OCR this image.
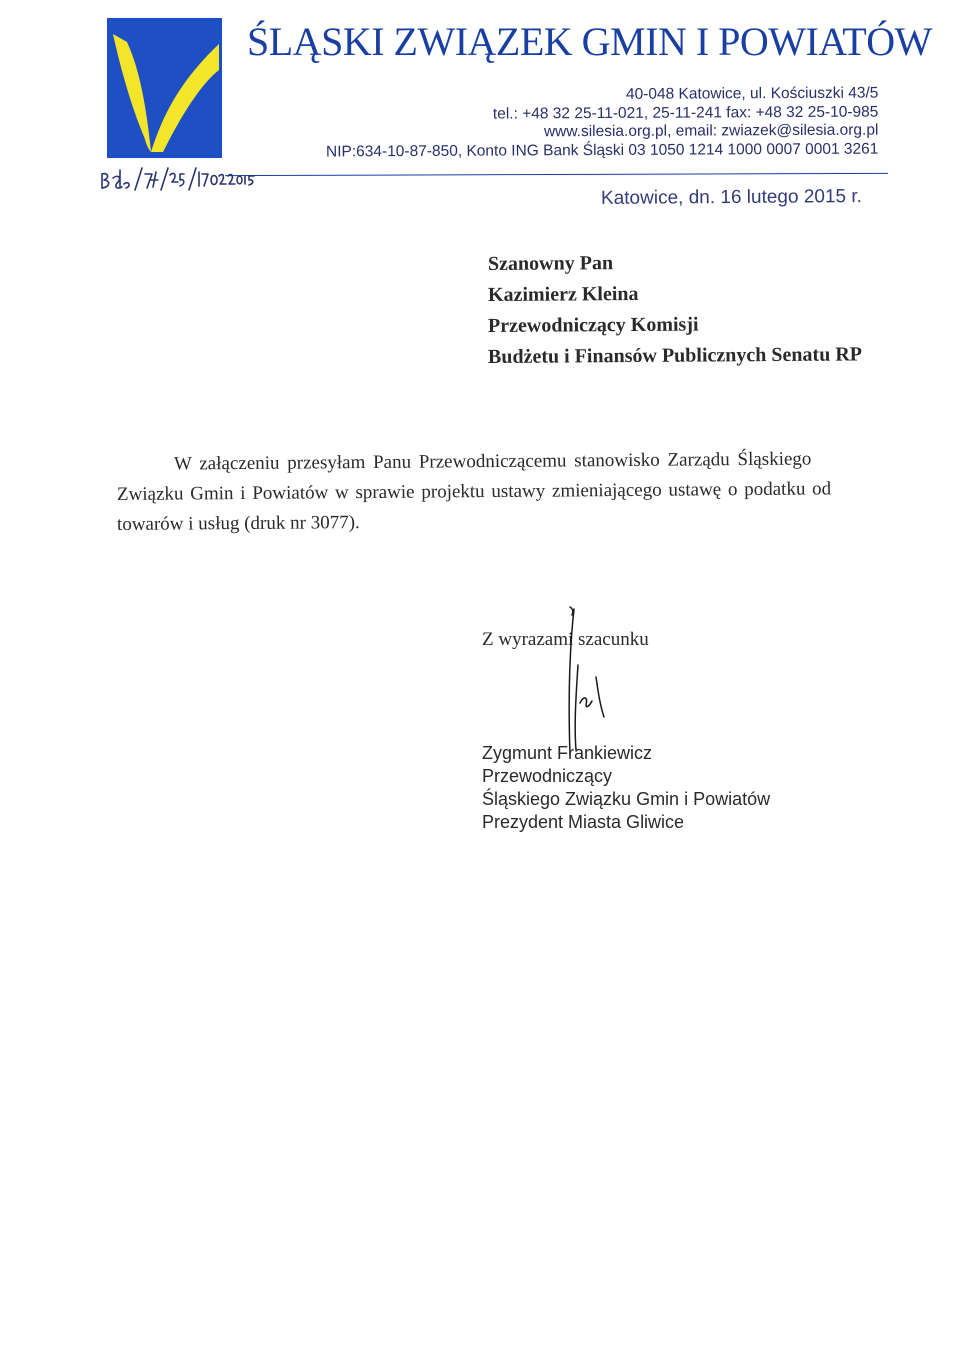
ŚLĄSKI ZWIĄZEK GMIN I POWIATÓW
40-048 Katowice, ul. Kościuszki 43/5
tel.: +48 32 25-11-021, 25-11-241 fax: +48 32 25-10-985
www.silesia.org.pl, email: zwiazek@silesia.org.pl
NIP:634-10-87-850, Konto ING Bank Śląski 03 1050 1214 1000 0007 0001 3261
Katowice, dn. 16 lutego 2015 r.
Szanowny Pan
Kazimierz Kleina
Przewodniczący Komisji
Budżetu i Finansów Publicznych Senatu RP
W załączeniu przesyłam Panu Przewodniczącemu stanowisko Zarządu Śląskiego
Związku Gmin i Powiatów w sprawie projektu ustawy zmieniającego ustawę o podatku od
towarów i usług (druk nr 3077).
Z wyrazami szacunku
Zygmunt Frankiewicz
Przewodniczący
Śląskiego Związku Gmin i Powiatów
Prezydent Miasta Gliwice
